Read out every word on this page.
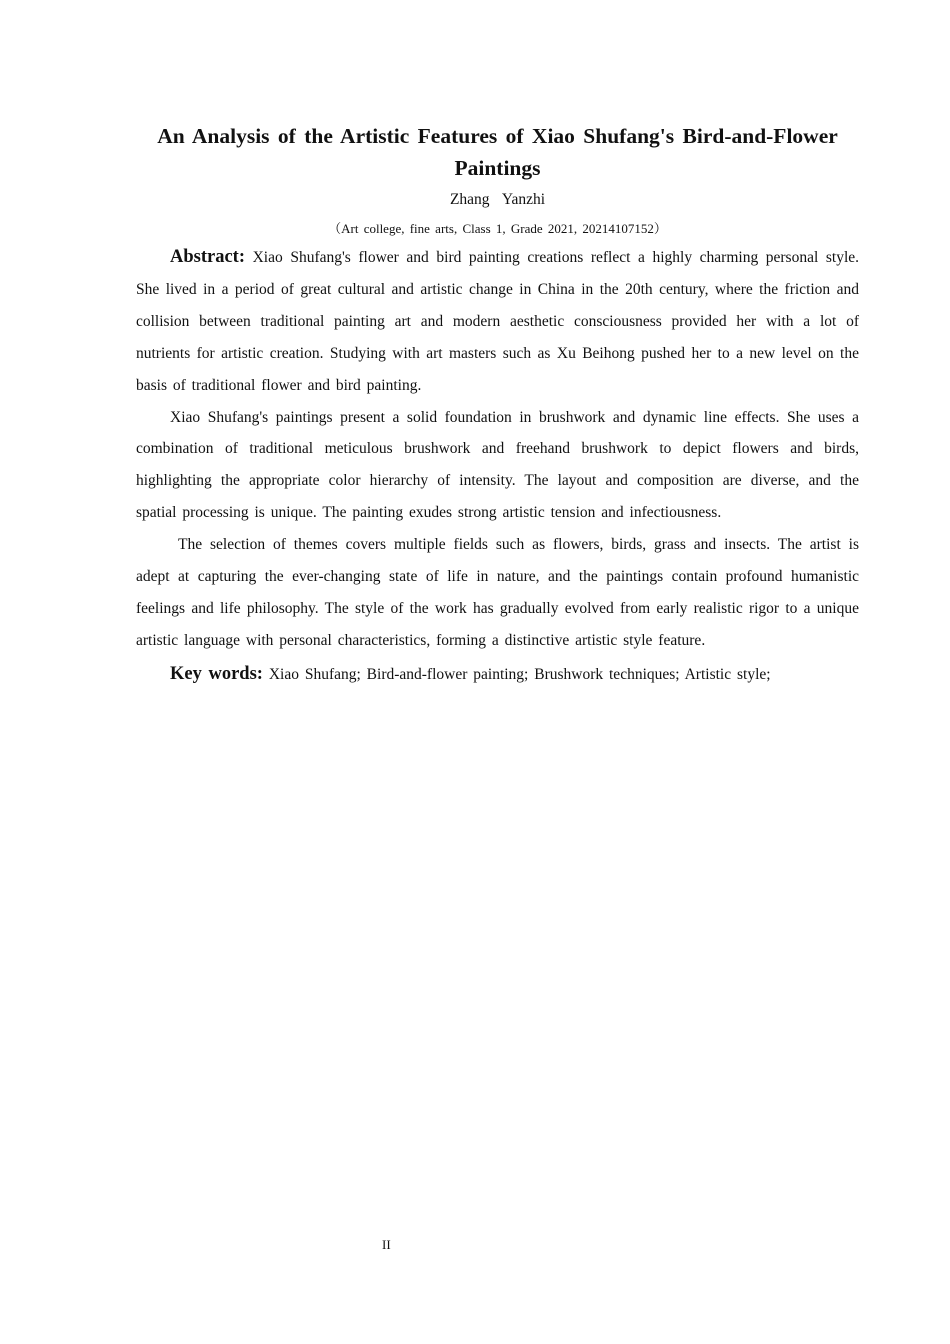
An Analysis of the Artistic Features of Xiao Shufang's Bird-and-Flower Paintings
Zhang Yanzhi
（Art college, fine arts, Class 1, Grade 2021, 20214107152）

Abstract: Xiao Shufang's flower and bird painting creations reflect a highly charming personal style. She lived in a period of great cultural and artistic change in China in the 20th century, where the friction and collision between traditional painting art and modern aesthetic consciousness provided her with a lot of nutrients for artistic creation. Studying with art masters such as Xu Beihong pushed her to a new level on the basis of traditional flower and bird painting.

Xiao Shufang's paintings present a solid foundation in brushwork and dynamic line effects. She uses a combination of traditional meticulous brushwork and freehand brushwork to depict flowers and birds, highlighting the appropriate color hierarchy of intensity. The layout and composition are diverse, and the spatial processing is unique. The painting exudes strong artistic tension and infectiousness.

The selection of themes covers multiple fields such as flowers, birds, grass and insects. The artist is adept at capturing the ever-changing state of life in nature, and the paintings contain profound humanistic feelings and life philosophy. The style of the work has gradually evolved from early realistic rigor to a unique artistic language with personal characteristics, forming a distinctive artistic style feature.

Key words: Xiao Shufang; Bird-and-flower painting; Brushwork techniques; Artistic style;

II
